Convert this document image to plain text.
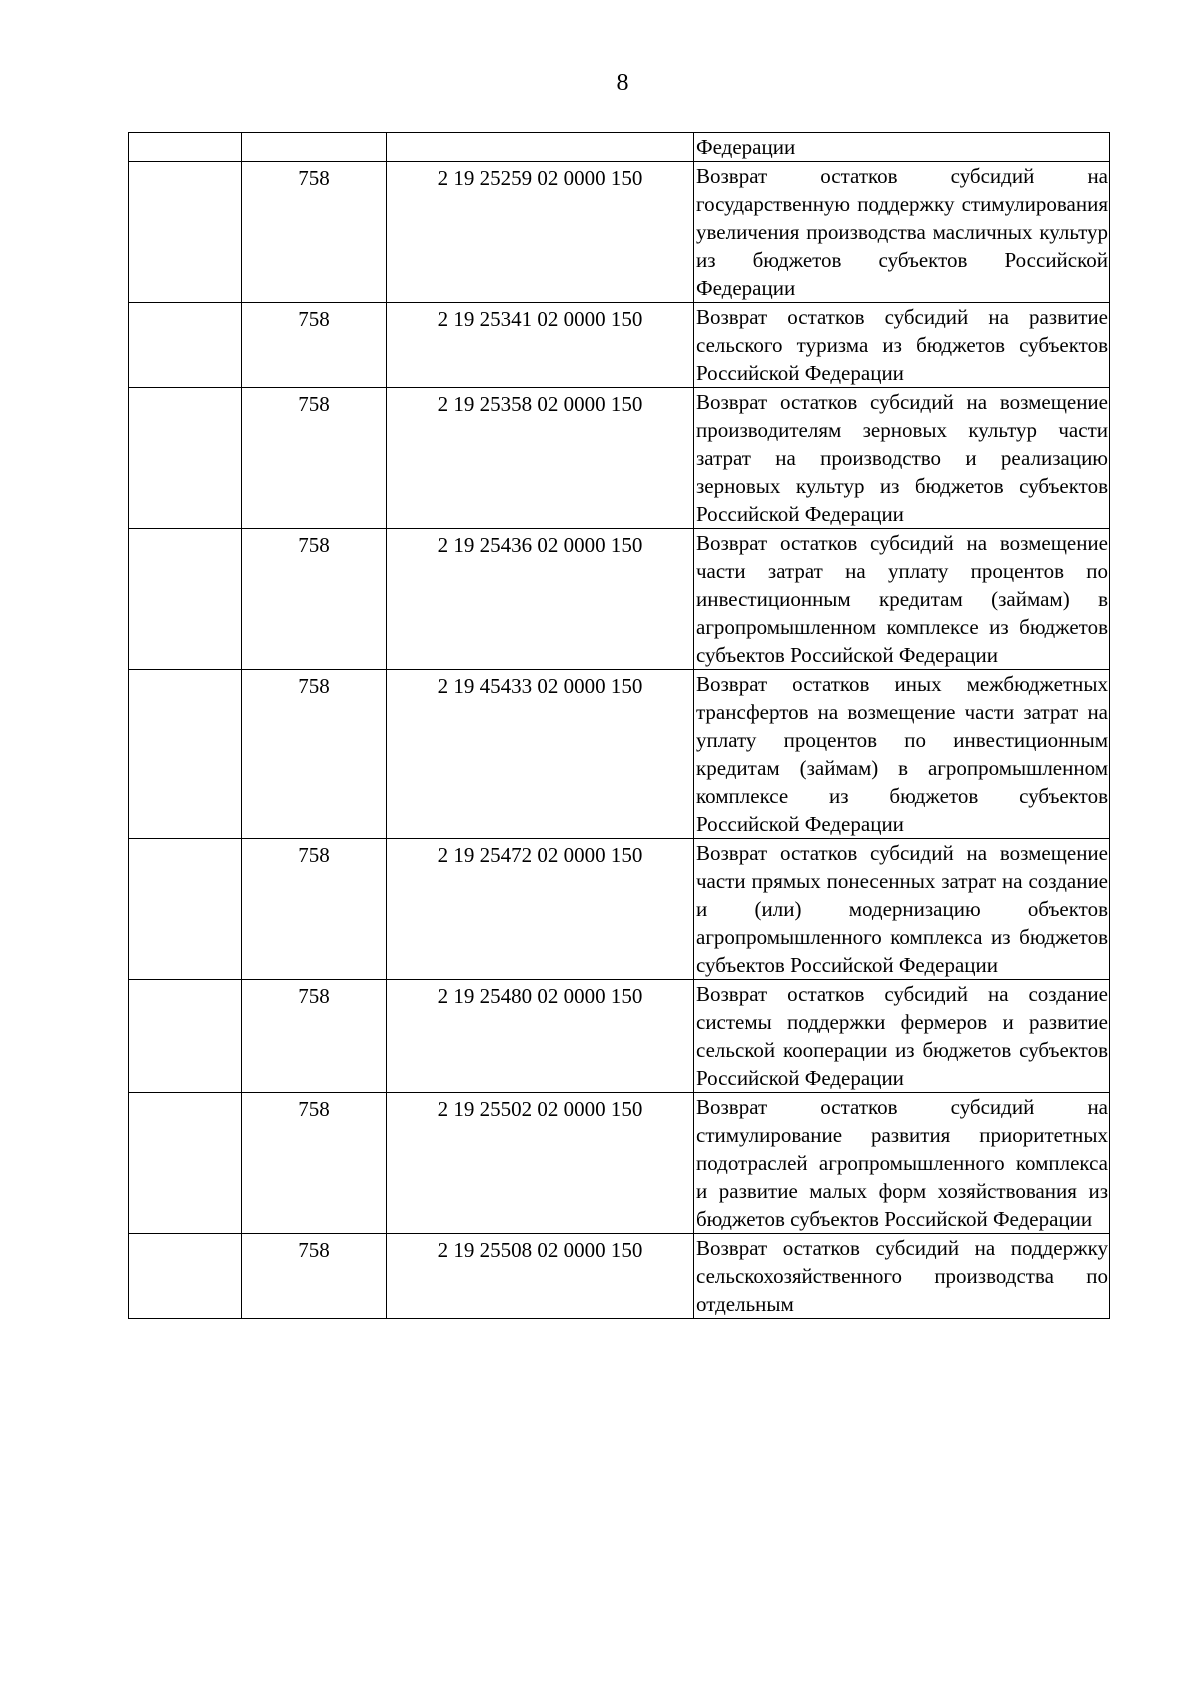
8
			Федерации
	758	2 19 25259 02 0000 150	Возврат остатков субсидий на государственную поддержку стимулирования увеличения производства масличных культур из бюджетов субъектов Российской Федерации
	758	2 19 25341 02 0000 150	Возврат остатков субсидий на развитие сельского туризма из бюджетов субъектов Российской Федерации
	758	2 19 25358 02 0000 150	Возврат остатков субсидий на возмещение производителям зерновых культур части затрат на производство и реализацию зерновых культур из бюджетов субъектов Российской Федерации
	758	2 19 25436 02 0000 150	Возврат остатков субсидий на возмещение части затрат на уплату процентов по инвестиционным кредитам (займам) в агропромышленном комплексе из бюджетов субъектов Российской Федерации
	758	2 19 45433 02 0000 150	Возврат остатков иных межбюджетных трансфертов на возмещение части затрат на уплату процентов по инвестиционным кредитам (займам) в агропромышленном комплексе из бюджетов субъектов Российской Федерации
	758	2 19 25472 02 0000 150	Возврат остатков субсидий на возмещение части прямых понесенных затрат на создание и (или) модернизацию объектов агропромышленного комплекса из бюджетов субъектов Российской Федерации
	758	2 19 25480 02 0000 150	Возврат остатков субсидий на создание системы поддержки фермеров и развитие сельской кооперации из бюджетов субъектов Российской Федерации
	758	2 19 25502 02 0000 150	Возврат остатков субсидий на стимулирование развития приоритетных подотраслей агропромышленного комплекса и развитие малых форм хозяйствования из бюджетов субъектов Российской Федерации
	758	2 19 25508 02 0000 150	Возврат остатков субсидий на поддержку сельскохозяйственного производства по отдельным
